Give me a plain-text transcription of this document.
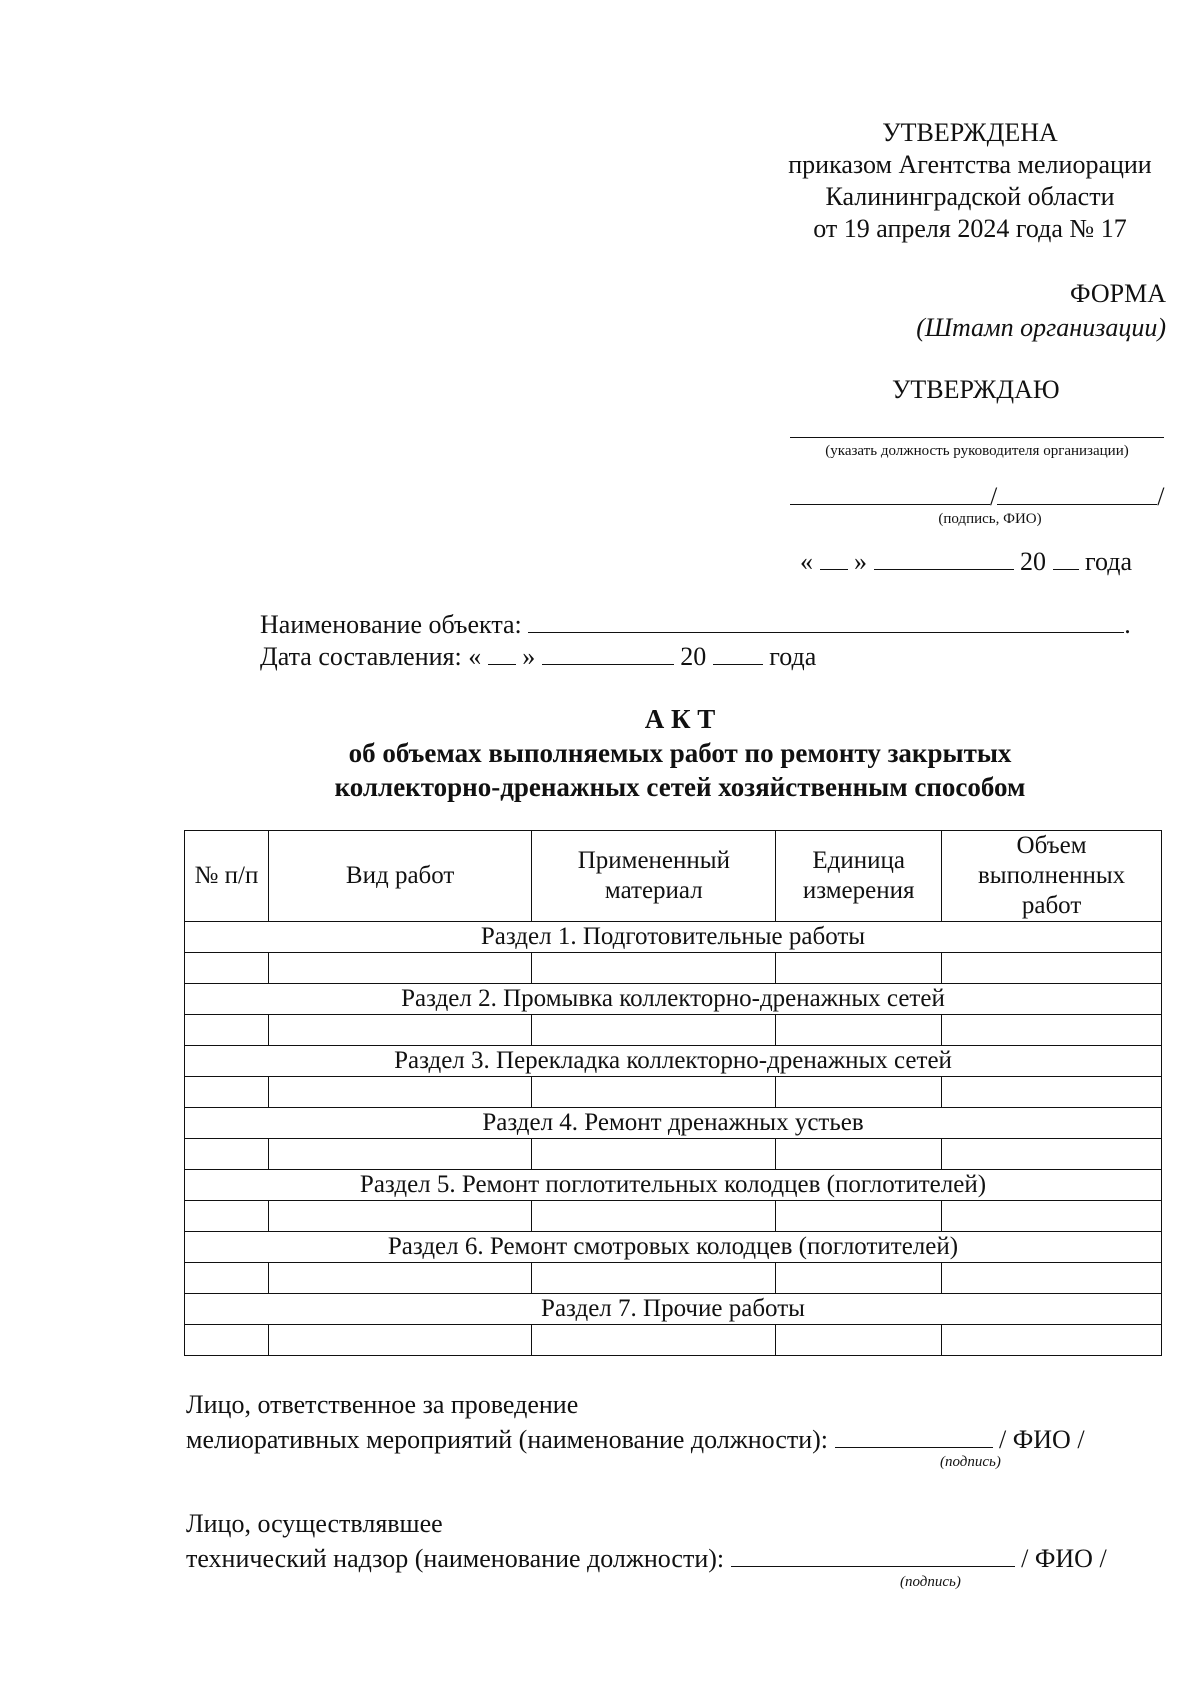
УТВЕРЖДЕНА
приказом Агентства мелиорации
Калининградской области
от 19 апреля 2024 года № 17
ФОРМА
(Штамп организации)
УТВЕРЖДАЮ
(указать должность руководителя организации)
/	/
(подпись, ФИО)
« »	20 года
Наименование объекта:	.
Дата составления: « »	20 года
А К Т
об объемах выполняемых работ по ремонту закрытых
коллекторно-дренажных сетей хозяйственным способом
№ п/п	Вид работ	Примененный материал	Единица измерения	Объем выполненных работ
Раздел 1. Подготовительные работы				

Раздел 2. Промывка коллекторно-дренажных сетей				

Раздел 3. Перекладка коллекторно-дренажных сетей				

Раздел 4. Ремонт дренажных устьев				

Раздел 5. Ремонт поглотительных колодцев (поглотителей)				

Раздел 6. Ремонт смотровых колодцев (поглотителей)				

Раздел 7. Прочие работы				

Лицо, ответственное за проведение
мелиоративных мероприятий (наименование должности):	/ ФИО /
(подпись)
Лицо, осуществлявшее
технический надзор (наименование должности):	/ ФИО /
(подпись)
